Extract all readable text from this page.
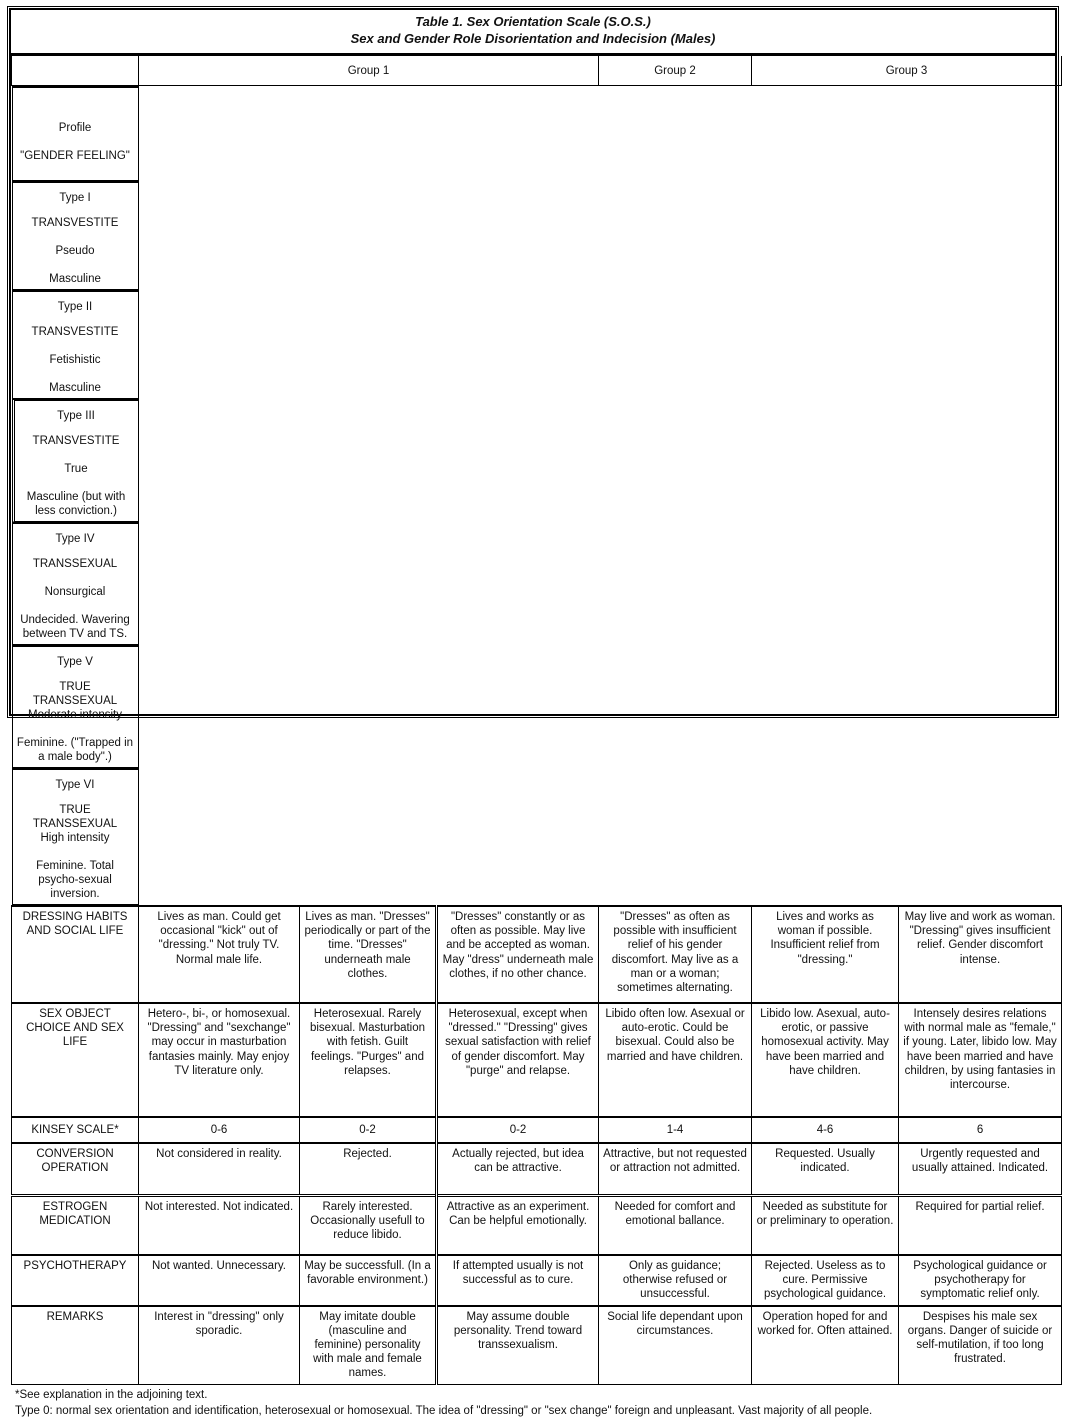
Table 1. Sex Orientation Scale (S.O.S.)
Sex and Gender Role Disorientation and Indecision (Males)
	Group 1			Group 2	Group 3	

Profile
"GENDER FEELING"
Type I
TRANSVESTITE
Pseudo
Masculine
Type II
TRANSVESTITE
Fetishistic
Masculine
Type III
TRANSVESTITE
True
Masculine (but with less conviction.)
Type IV
TRANSSEXUAL
Nonsurgical
Undecided. Wavering between TV and TS.
Type V
TRUE TRANSSEXUAL
Moderate intensity
Feminine. ("Trapped in a male body".)
Type VI
TRUE TRANSSEXUAL
High intensity
Feminine. Total psycho-sexual inversion.

DRESSING HABITS AND SOCIAL LIFE	Lives as man. Could get occasional "kick" out of "dressing." Not truly TV. Normal male life.	Lives as man. "Dresses" periodically or part of the time. "Dresses" underneath male clothes.	"Dresses" constantly or as often as possible. May live and be accepted as woman. May "dress" underneath male clothes, if no other chance.	"Dresses" as often as possible with insufficient relief of his gender discomfort. May live as a man or a woman; sometimes alternating.	Lives and works as woman if possible. Insufficient relief from "dressing."	May live and work as woman. "Dressing" gives insufficient relief. Gender discomfort intense.
SEX OBJECT CHOICE AND SEX LIFE	Hetero-, bi-, or homosexual. "Dressing" and "sexchange" may occur in masturbation fantasies mainly. May enjoy TV literature only.	Heterosexual. Rarely bisexual. Masturbation with fetish. Guilt feelings. "Purges" and relapses.	Heterosexual, except when "dressed." "Dressing" gives sexual satisfaction with relief of gender discomfort. May "purge" and relapse.	Libido often low. Asexual or auto-erotic. Could be bisexual. Could also be married and have children.	Libido low. Asexual, auto-erotic, or passive homosexual activity. May have been married and have children.	Intensely desires relations with normal male as "female," if young. Later, libido low. May have been married and have children, by using fantasies in intercourse.
KINSEY SCALE*	0-6	0-2	0-2	1-4	4-6	6
CONVERSION OPERATION	Not considered in reality.	Rejected.	Actually rejected, but idea can be attractive.	Attractive, but not requested or attraction not admitted.	Requested. Usually indicated.	Urgently requested and usually attained. Indicated.
ESTROGEN MEDICATION	Not interested. Not indicated.	Rarely interested. Occasionally usefull to reduce libido.	Attractive as an experiment. Can be helpful emotionally.	Needed for comfort and emotional ballance.	Needed as substitute for or preliminary to operation.	Required for partial relief.
PSYCHOTHERAPY	Not wanted. Unnecessary.	May be successfull. (In a favorable environment.)	If attempted usually is not successful as to cure.	Only as guidance; otherwise refused or unsuccessful.	Rejected. Useless as to cure. Permissive psychological guidance.	Psychological guidance or psychotherapy for symptomatic relief only.
REMARKS	Interest in "dressing" only sporadic.	May imitate double (masculine and feminine) personality with male and female names.	May assume double personality. Trend toward transsexualism.	Social life dependant upon circumstances.	Operation hoped for and worked for. Often attained.	Despises his male sex organs. Danger of suicide or self-mutilation, if too long frustrated.
*See explanation in the adjoining text.
Type 0: normal sex orientation and identification, heterosexual or homosexual. The idea of "dressing" or "sex change" foreign and unpleasant. Vast majority of all people.
